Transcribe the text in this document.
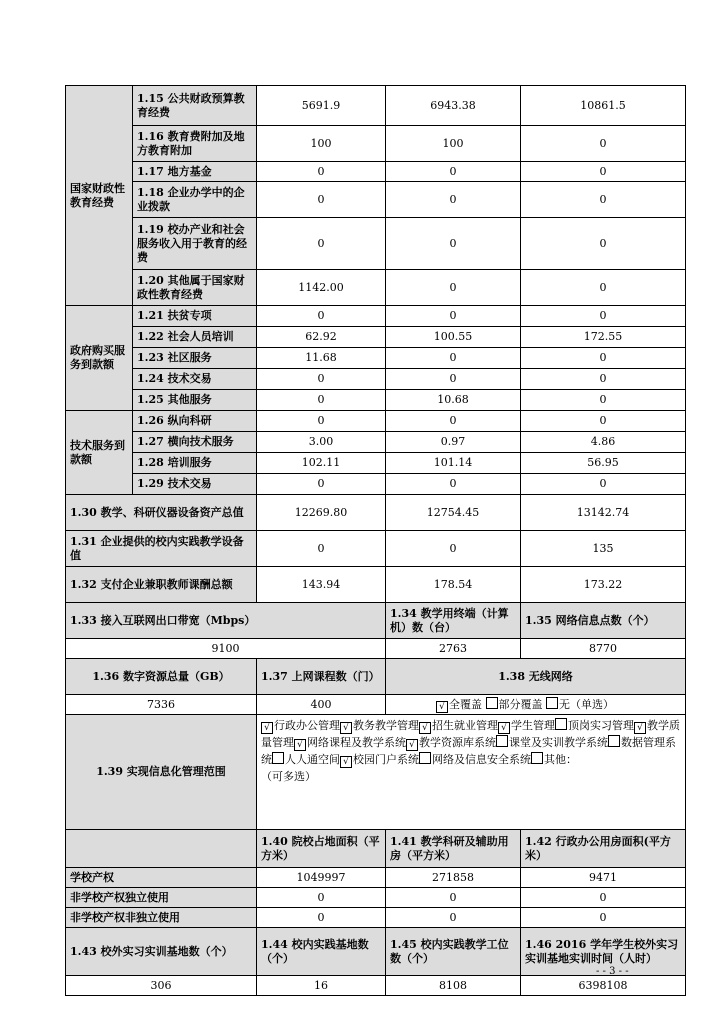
国家财政性教育经费	1.15 公共财政预算教育经费	5691.9	6943.38	10861.5
	1.16 教育费附加及地方教育附加	100	100	0
	1.17 地方基金	0	0	0
	1.18 企业办学中的企业拨款	0	0	0
	1.19 校办产业和社会服务收入用于教育的经费	0	0	0
	1.20 其他属于国家财政性教育经费	1142.00	0	0
政府购买服务到款额	1.21 扶贫专项	0	0	0
	1.22 社会人员培训	62.92	100.55	172.55
	1.23 社区服务	11.68	0	0
	1.24 技术交易	0	0	0
	1.25 其他服务	0	10.68	0
技术服务到款额	1.26 纵向科研	0	0	0
	1.27 横向技术服务	3.00	0.97	4.86
	1.28 培训服务	102.11	101.14	56.95
	1.29 技术交易	0	0	0
1.30 教学、科研仪器设备资产总值		12269.80	12754.45	13142.74
1.31 企业提供的校内实践教学设备值		0	0	135
1.32 支付企业兼职教师课酬总额		143.94	178.54	173.22
1.33 接入互联网出口带宽（Mbps）			1.34 教学用终端（计算机）数（台）	1.35 网络信息点数（个）
9100			2763	8770
1.36 数字资源总量（GB）		1.37 上网课程数（门）	1.38 无线网络	
7336		400	√ 全覆盖 部分覆盖 无（单选）	
1.39 实现信息化管理范围		√ 行政办公管理 √ 教务教学管理 √ 招生就业管理 √ 学生管理 顶岗实习管理 √ 教学质量管理 √ 网络课程及教学系统 √ 教学资源库系统 课堂及实训教学系统 数据管理系统 人人通空间 √ 校园门户系统 网络及信息安全系统 其他：
（可多选）		
		1.40 院校占地面积（平方米）	1.41 教学科研及辅助用房（平方米）	1.42 行政办公用房面积(平方米）
学校产权		1049997	271858	9471
非学校产权独立使用		0	0	0
非学校产权非独立使用		0	0	0
1.43 校外实习实训基地数（个）		1.44 校内实践基地数（个）	1.45 校内实践教学工位数（个）	1.46 2016 学年学生校外实习实训基地实训时间（人时）
306		16	8108	6398108
- - 3 - -
